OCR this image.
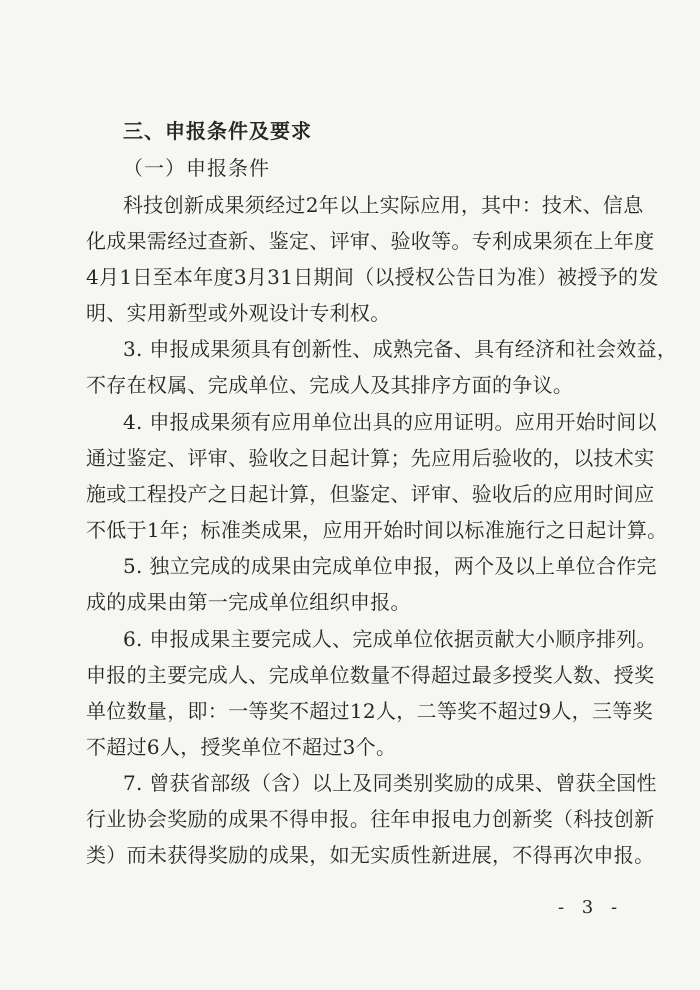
三、申报条件及要求
（一）申报条件
科技创新成果须经过2年以上实际应用，其中：技术、信息
化成果需经过查新、鉴定、评审、验收等。专利成果须在上年度
4月1日至本年度3月31日期间（以授权公告日为准）被授予的发
明、实用新型或外观设计专利权。
3. 申报成果须具有创新性、成熟完备、具有经济和社会效益，
不存在权属、完成单位、完成人及其排序方面的争议。
4. 申报成果须有应用单位出具的应用证明。应用开始时间以
通过鉴定、评审、验收之日起计算；先应用后验收的，以技术实
施或工程投产之日起计算，但鉴定、评审、验收后的应用时间应
不低于1年；标准类成果，应用开始时间以标准施行之日起计算。
5. 独立完成的成果由完成单位申报，两个及以上单位合作完
成的成果由第一完成单位组织申报。
6. 申报成果主要完成人、完成单位依据贡献大小顺序排列。
申报的主要完成人、完成单位数量不得超过最多授奖人数、授奖
单位数量，即：一等奖不超过12人，二等奖不超过9人，三等奖
不超过6人，授奖单位不超过3个。
7. 曾获省部级（含）以上及同类别奖励的成果、曾获全国性
行业协会奖励的成果不得申报。往年申报电力创新奖（科技创新
类）而未获得奖励的成果，如无实质性新进展，不得再次申报。
- 3 -
